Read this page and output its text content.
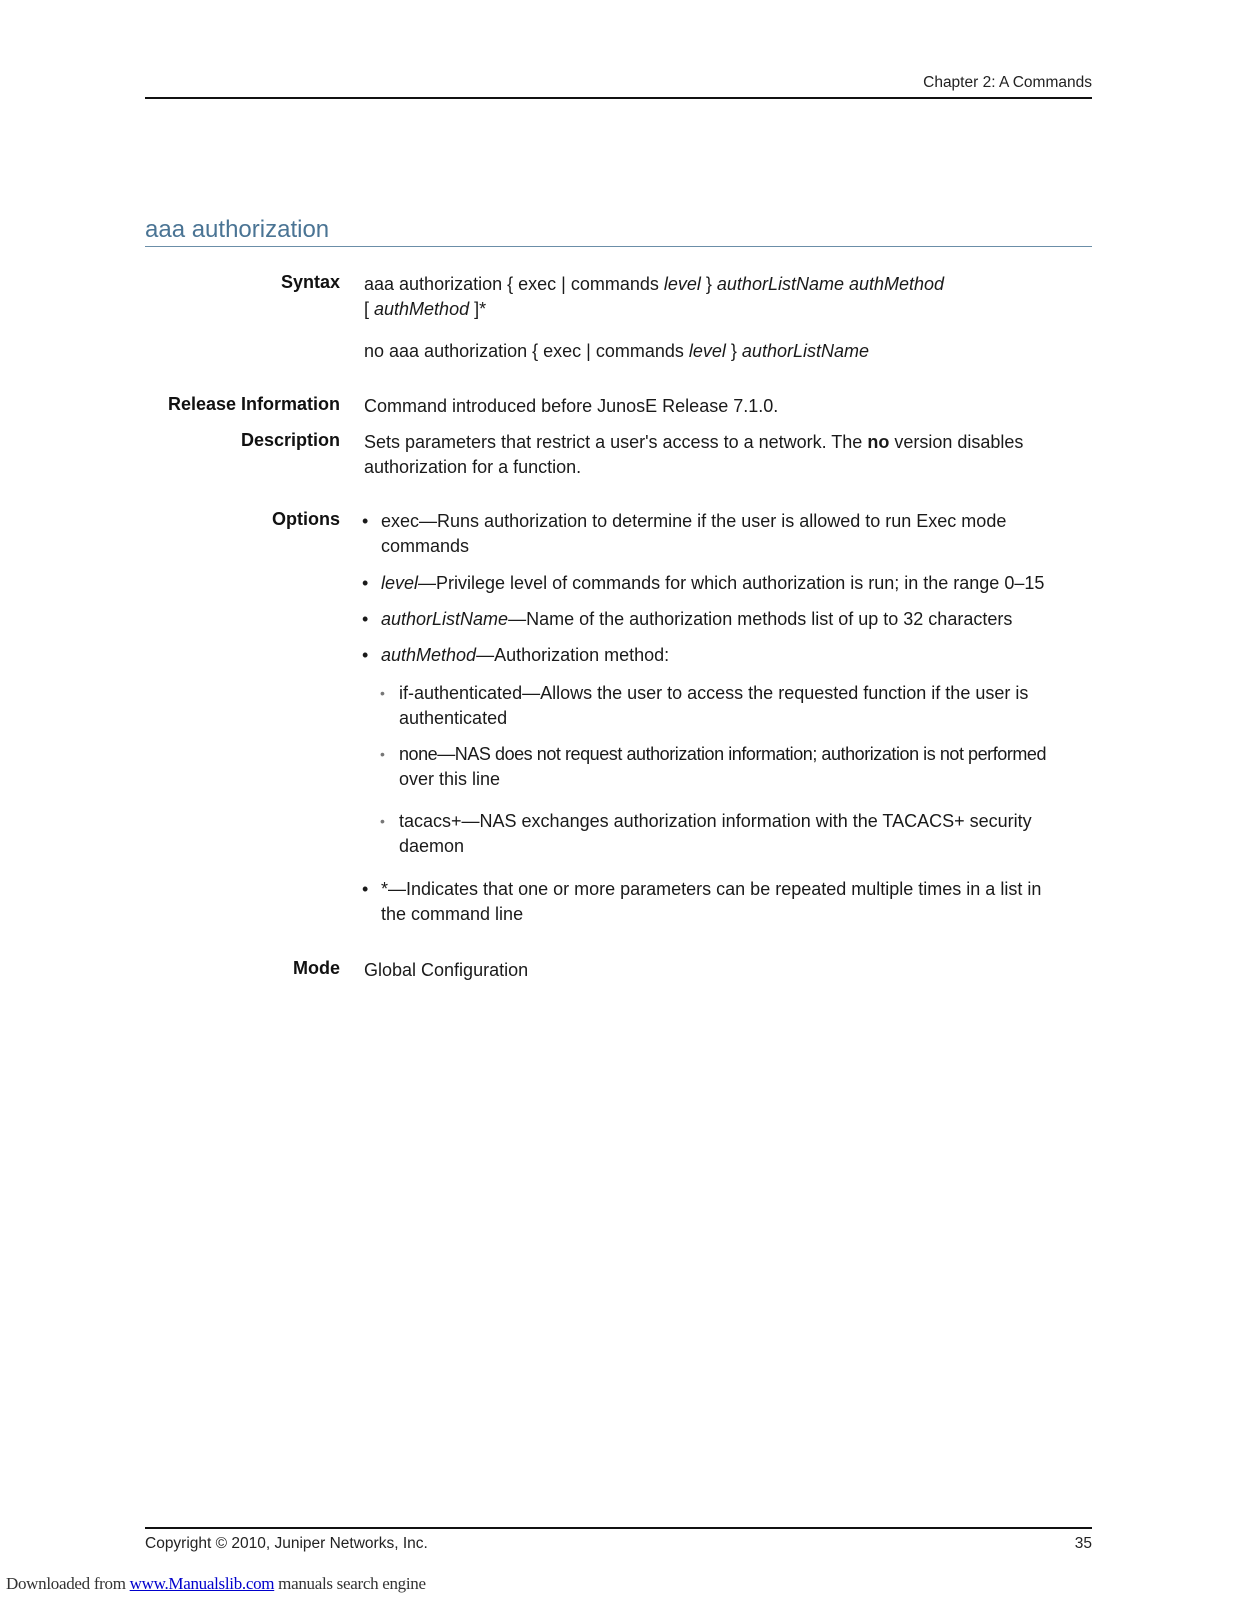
Chapter 2: A Commands
aaa authorization
Syntax aaa authorization { exec | commands level } authorListName authMethod

[ authMethod ]*

no aaa authorization { exec | commands level } authorListName

Release Information Command introduced before JunosE Release 7.1.0.
Description Sets parameters that restrict a user's access to a network. The no version disables

authorization for a function.

Options • exec—Runs authorization to determine if the user is allowed to run Exec mode
commands
• level—Privilege level of commands for which authorization is run; in the range 0–15
• authorListName—Name of the authorization methods list of up to 32 characters
• authMethod—Authorization method:
• if-authenticated—Allows the user to access the requested function if the user is
authenticated
• none—NAS does not request authorization information; authorization is not performed
over this line
• tacacs+—NAS exchanges authorization information with the TACACS+ security
daemon
• *—Indicates that one or more parameters can be repeated multiple times in a list in
the command line
Mode Global Configuration
Copyright © 2010, Juniper Networks, Inc.	35
Downloaded from www.Manualslib.com manuals search engine
